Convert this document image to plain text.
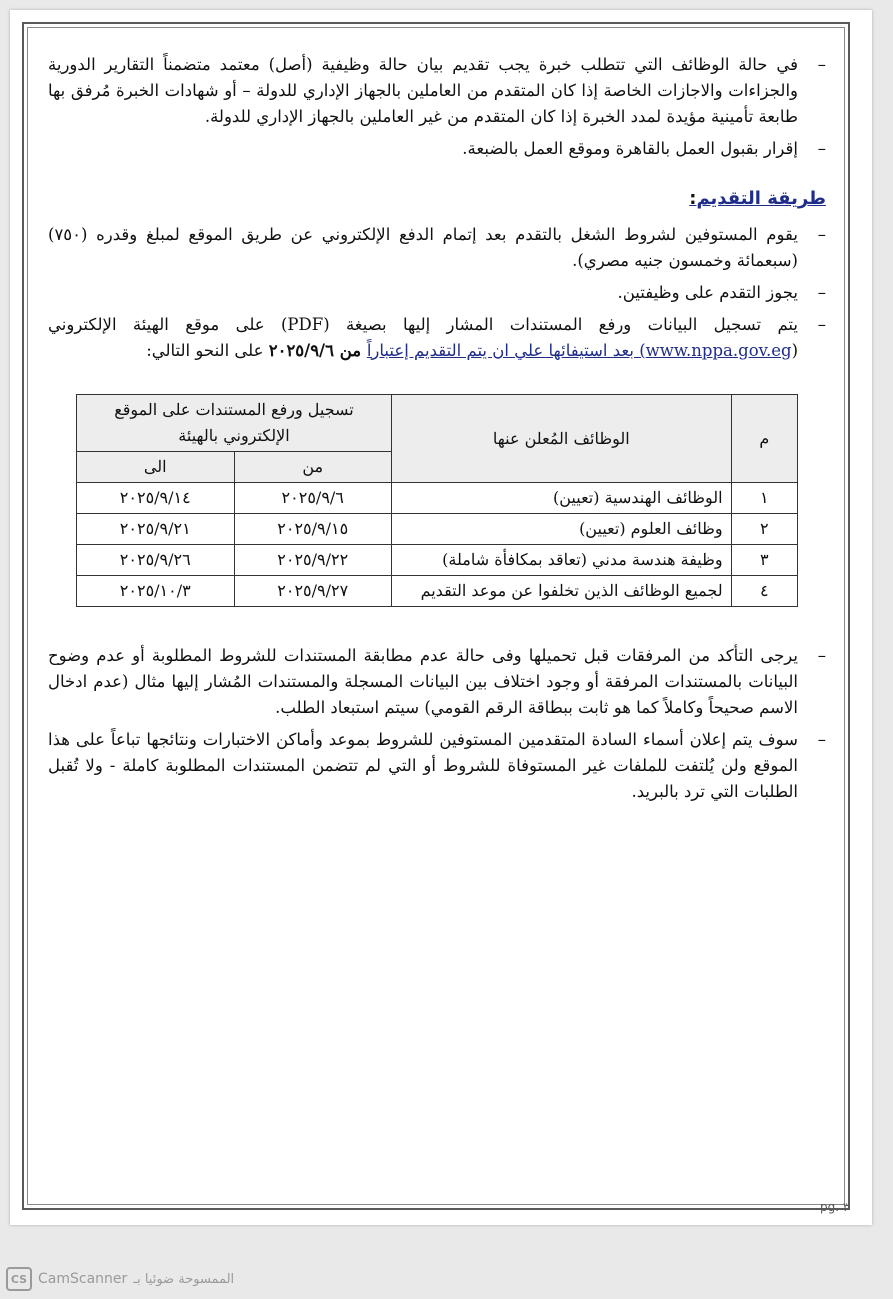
–
في حالة الوظائف التي تتطلب خبرة يجب تقديم بيان حالة وظيفية (أصل) معتمد متضمناً التقارير الدورية والجزاءات والاجازات الخاصة إذا كان المتقدم من العاملين بالجهاز الإداري للدولة – أو شهادات الخبرة مُرفق بها طابعة تأمينية مؤيدة لمدد الخبرة إذا كان المتقدم من غير العاملين بالجهاز الإداري للدولة.
–
إقرار بقبول العمل بالقاهرة وموقع العمل بالضبعة.
طريقة التقديم:
–
يقوم المستوفين لشروط الشغل بالتقدم بعد إتمام الدفع الإلكتروني عن طريق الموقع لمبلغ وقدره (٧٥٠) (سبعمائة وخمسون جنيه مصري).
–
يجوز التقدم على وظيفتين.
–
يتم تسجيل البيانات ورفع المستندات المشار إليها بصيغة (PDF) على موقع الهيئة الإلكتروني (www.nppa.gov.eg) بعد استيفائها علي ان يتم التقديم إعتباراً من ٢٠٢٥/٩/٦ على النحو التالي:
م	الوظائف المُعلن عنها	تسجيل ورفع المستندات على الموقع الإلكتروني بالهيئة	
		من	الى
١	الوظائف الهندسية (تعيين)	٢٠٢٥/٩/٦	٢٠٢٥/٩/١٤
٢	وظائف العلوم (تعيين)	٢٠٢٥/٩/١٥	٢٠٢٥/٩/٢١
٣	وظيفة هندسة مدني (تعاقد بمكافأة شاملة)	٢٠٢٥/٩/٢٢	٢٠٢٥/٩/٢٦
٤	لجميع الوظائف الذين تخلفوا عن موعد التقديم	٢٠٢٥/٩/٢٧	٢٠٢٥/١٠/٣
–
يرجى التأكد من المرفقات قبل تحميلها وفى حالة عدم مطابقة المستندات للشروط المطلوبة أو عدم وضوح البيانات بالمستندات المرفقة أو وجود اختلاف بين البيانات المسجلة والمستندات المُشار إليها مثال (عدم ادخال الاسم صحيحاً وكاملاً كما هو ثابت ببطاقة الرقم القومي) سيتم استبعاد الطلب.
–
سوف يتم إعلان أسماء السادة المتقدمين المستوفين للشروط بموعد وأماكن الاختبارات ونتائجها تباعاً على هذا الموقع ولن يُلتفت للملفات غير المستوفاة للشروط أو التي لم تتضمن المستندات المطلوبة كاملة - ولا تُقبل الطلبات التي ترد بالبريد.
pg. ٣
CS CamScanner الممسوحة ضوئيا بـ
